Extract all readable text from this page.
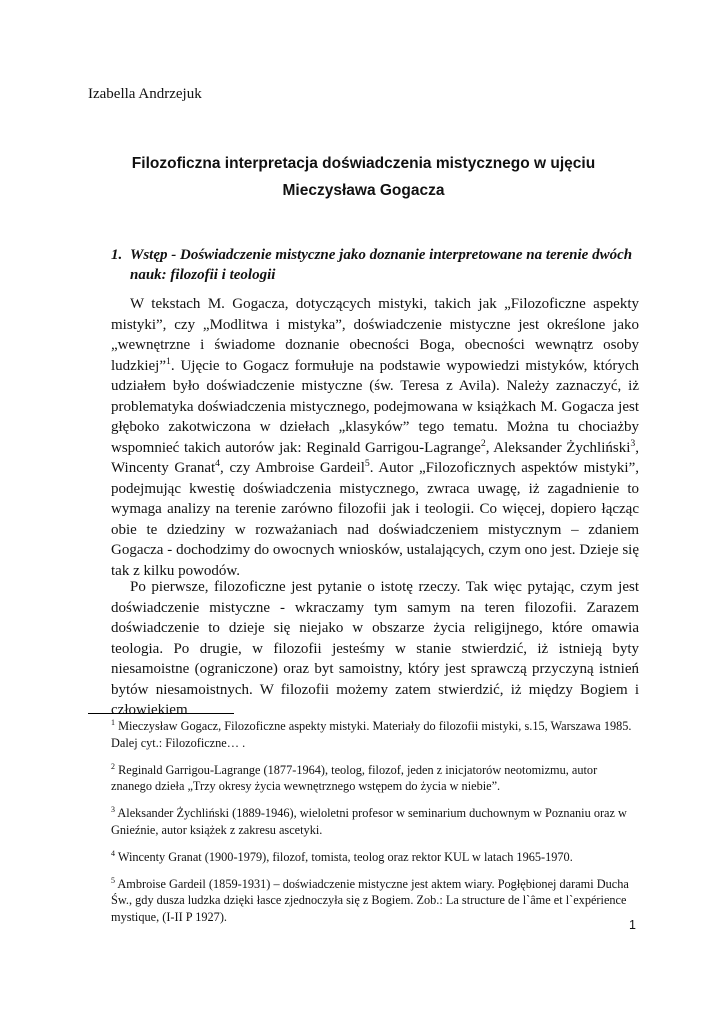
Izabella Andrzejuk
Filozoficzna interpretacja doświadczenia mistycznego w ujęciu
Mieczysława Gogacza
1. Wstęp - Doświadczenie mistyczne jako doznanie interpretowane na terenie dwóch nauk: filozofii i teologii

W tekstach M. Gogacza, dotyczących mistyki, takich jak „Filozoficzne aspekty mistyki”, czy „Modlitwa i mistyka”, doświadczenie mistyczne jest określone jako „wewnętrzne i świadome doznanie obecności Boga, obecności wewnątrz osoby ludzkiej”$^1$. Ujęcie to Gogacz formułuje na podstawie wypowiedzi mistyków, których udziałem było doświadczenie mistyczne (św. Teresa z Avila). Należy zaznaczyć, iż problematyka doświadczenia mistycznego, podejmowana w książkach M. Gogacza jest głęboko zakotwiczona w dziełach „klasyków” tego tematu. Można tu chociażby wspomnieć takich autorów jak: Reginald Garrigou-Lagrange$^2$, Aleksander Żychliński$^3$, Wincenty Granat$^4$, czy Ambroise Gardeil$^5$. Autor „Filozoficznych aspektów mistyki”, podejmując kwestię doświadczenia mistycznego, zwraca uwagę, iż zagadnienie to wymaga analizy na terenie zarówno filozofii jak i teologii. Co więcej, dopiero łącząc obie te dziedziny w rozważaniach nad doświadczeniem mistycznym – zdaniem Gogacza - dochodzimy do owocnych wniosków, ustalających, czym ono jest. Dzieje się tak z kilku powodów.

Po pierwsze, filozoficzne jest pytanie o istotę rzeczy. Tak więc pytając, czym jest doświadczenie mistyczne - wkraczamy tym samym na teren filozofii. Zarazem doświadczenie to dzieje się niejako w obszarze życia religijnego, które omawia teologia. Po drugie, w filozofii jesteśmy w stanie stwierdzić, iż istnieją byty niesamoistne (ograniczone) oraz byt samoistny, który jest sprawczą przyczyną istnień bytów niesamoistnych. W filozofii możemy zatem stwierdzić, iż między Bogiem i człowiekiem

$^1$ Mieczysław Gogacz, Filozoficzne aspekty mistyki. Materiały do filozofii mistyki, s.15, Warszawa 1985. Dalej cyt.: Filozoficzne… .

$^2$ Reginald Garrigou-Lagrange (1877-1964), teolog, filozof, jeden z inicjatorów neotomizmu, autor znanego dzieła „Trzy okresy życia wewnętrznego wstępem do życia w niebie”.

$^3$ Aleksander Żychliński (1889-1946), wieloletni profesor w seminarium duchownym w Poznaniu oraz w Gnieźnie, autor książek z zakresu ascetyki.

$^4$ Wincenty Granat (1900-1979), filozof, tomista, teolog oraz rektor KUL w latach 1965-1970.

$^5$ Ambroise Gardeil (1859-1931) – doświadczenie mistyczne jest aktem wiary. Pogłębionej darami Ducha Św., gdy dusza ludzka dzięki łasce zjednoczyła się z Bogiem. Zob.: La structure de l`âme et l`expérience mystique, (I-II P 1927).

1
